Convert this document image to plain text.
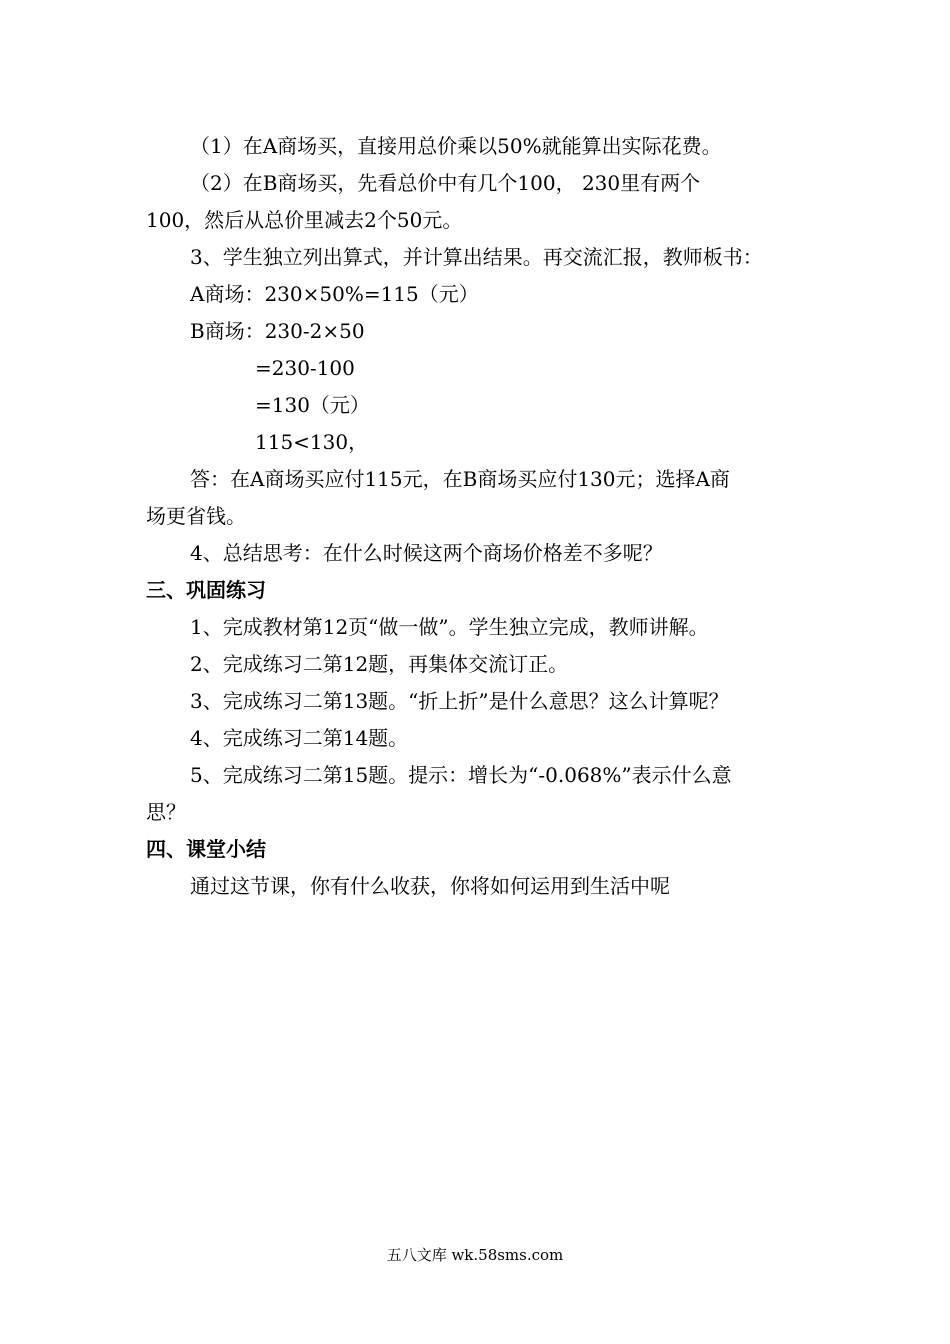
（1）在A商场买，直接用总价乘以50%就能算出实际花费。
（2）在B商场买，先看总价中有几个100， 230里有两个
100，然后从总价里减去2个50元。
3、学生独立列出算式，并计算出结果。再交流汇报，教师板书：
A商场：230×50%=115（元）
B商场：230-2×50
=230-100
=130（元）
115<130，
答：在A商场买应付115元，在B商场买应付130元；选择A商
场更省钱。
4、总结思考：在什么时候这两个商场价格差不多呢？
三、巩固练习
1、完成教材第12页“做一做”。学生独立完成，教师讲解。
2、完成练习二第12题，再集体交流订正。
3、完成练习二第13题。“折上折”是什么意思？这么计算呢？
4、完成练习二第14题。
5、完成练习二第15题。提示：增长为“-0.068%”表示什么意
思？
四、课堂小结
通过这节课，你有什么收获，你将如何运用到生活中呢
五八文库 wk.58sms.com
